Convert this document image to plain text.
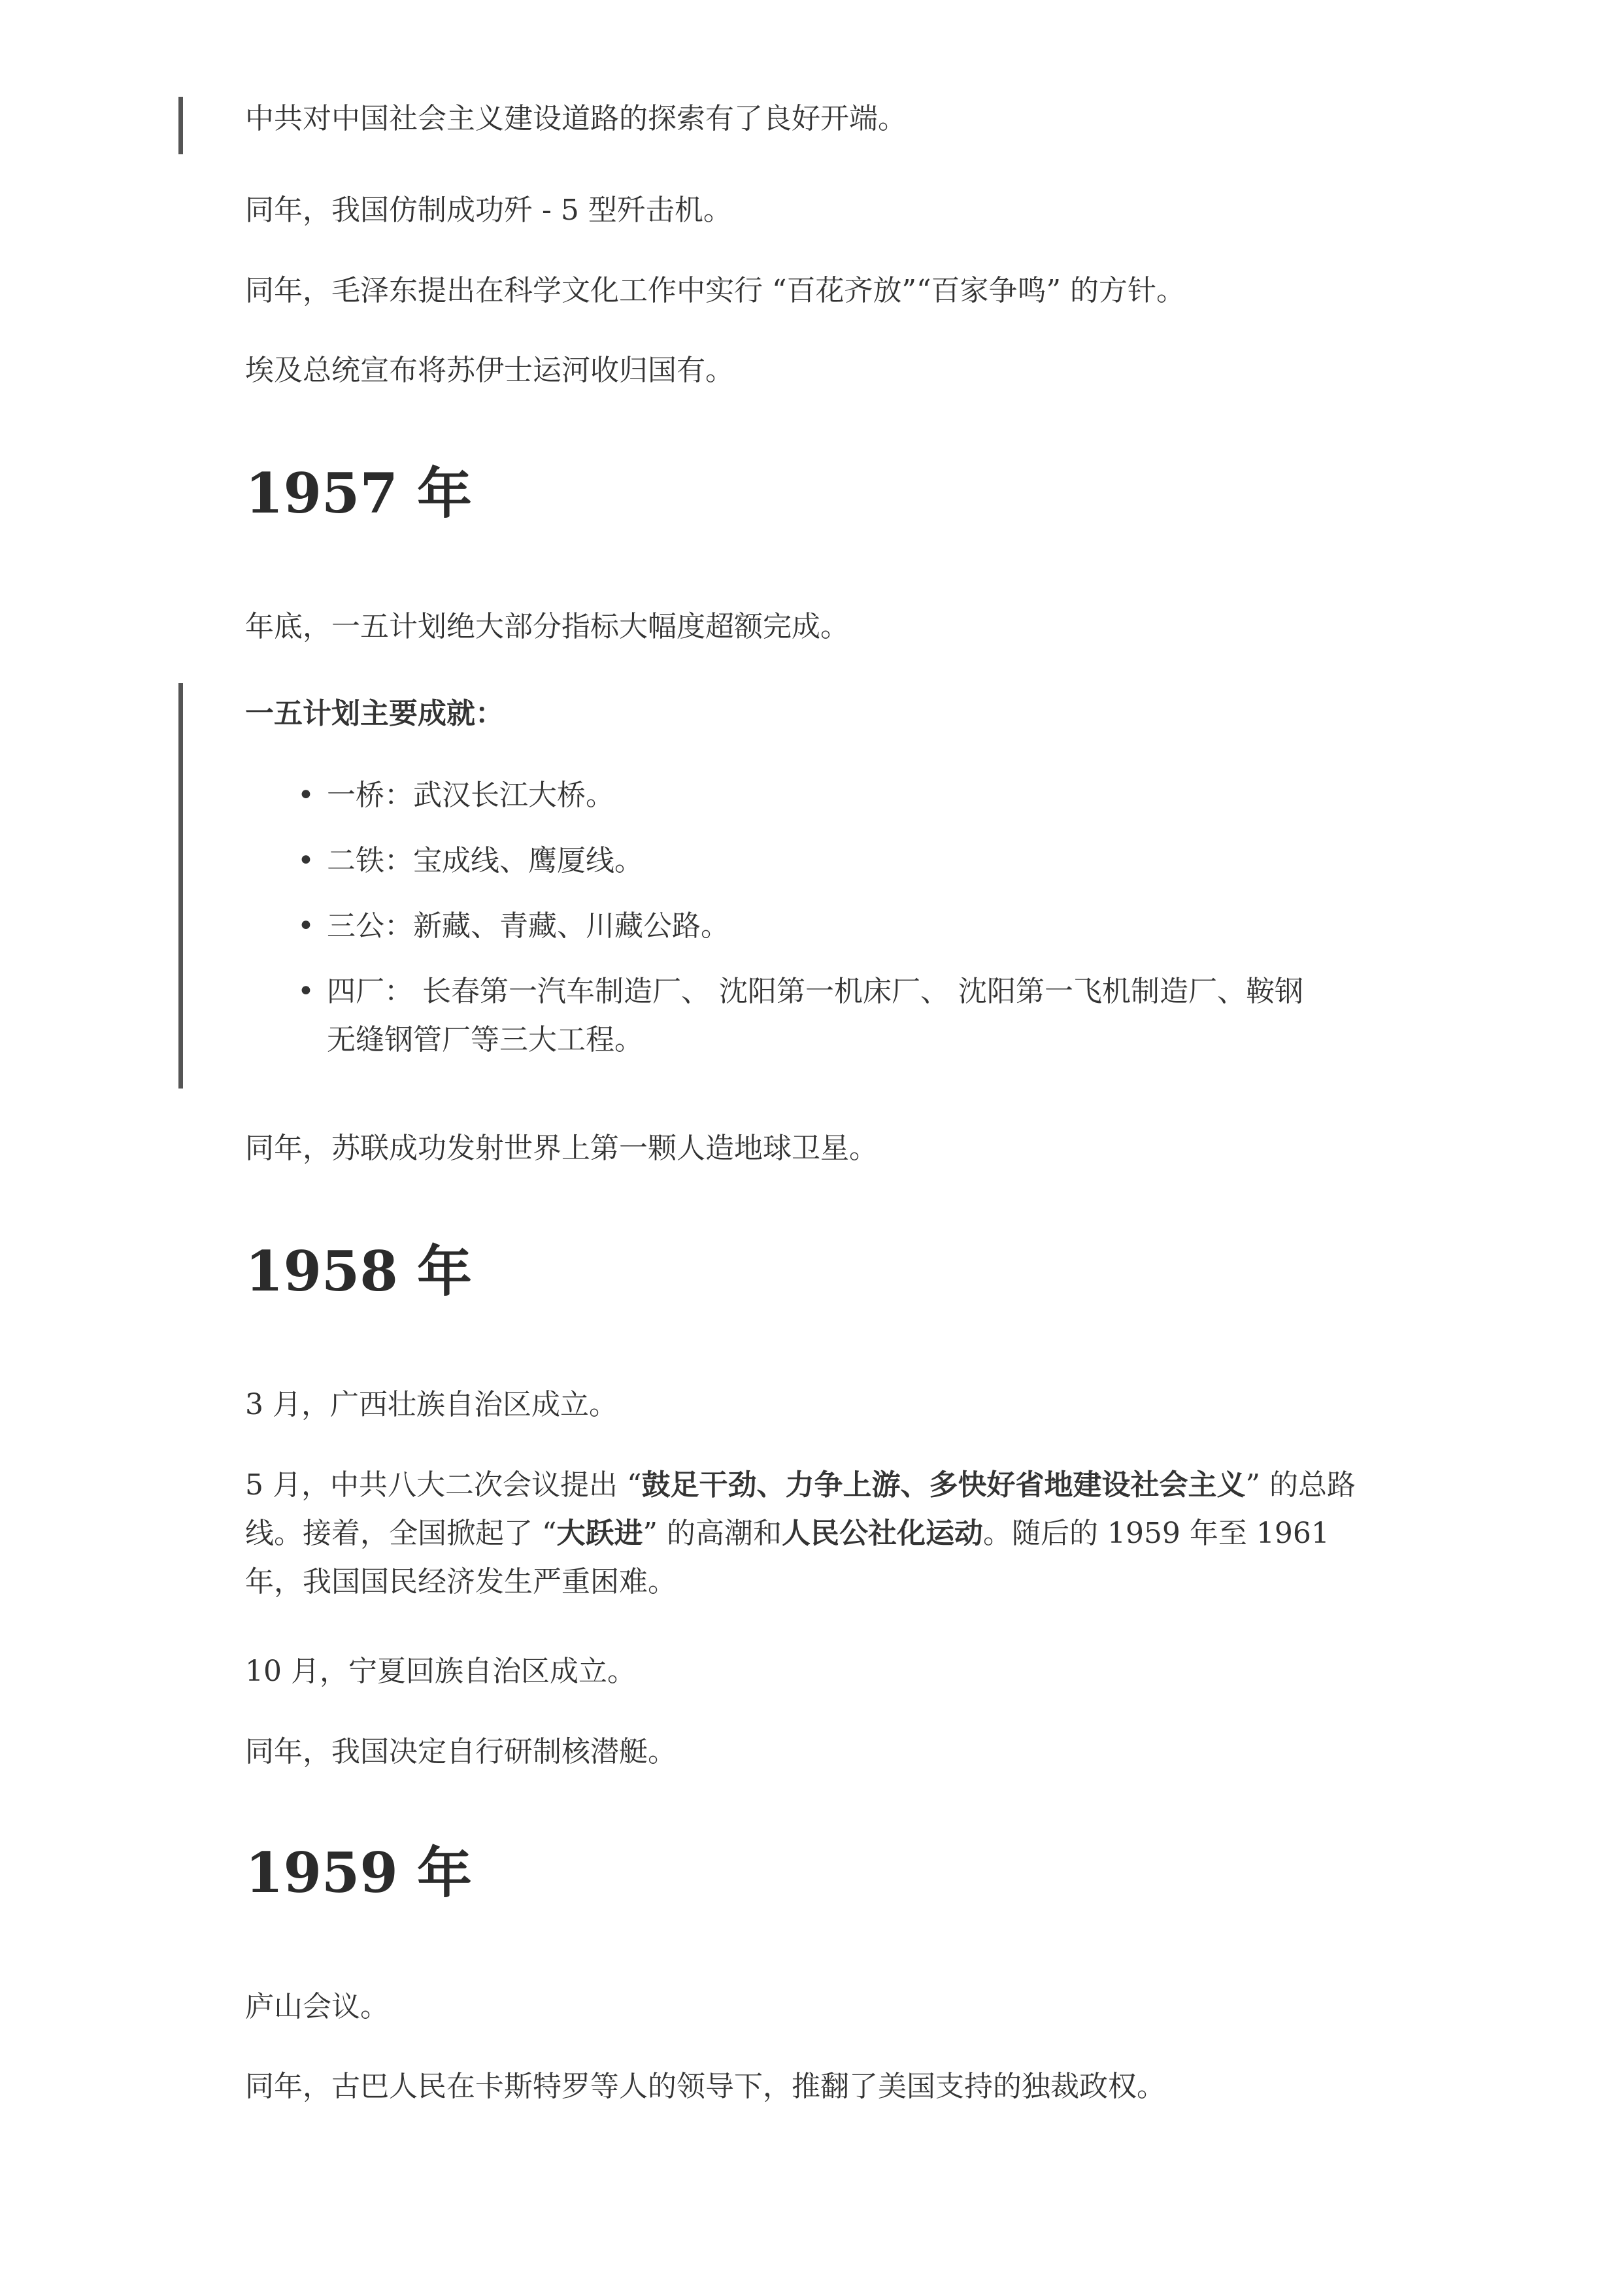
中共对中国社会主义建设道路的探索有了良好开端。

同年，我国仿制成功歼 - 5 型歼击机。

同年，毛泽东提出在科学文化工作中实行 “百花齐放”“百家争鸣” 的方针。

埃及总统宣布将苏伊士运河收归国有。

1957 年

年底，一五计划绝大部分指标大幅度超额完成。

一五计划主要成就：

• 一桥：武汉长江大桥。
• 二铁：宝成线、鹰厦线。
• 三公：新藏、青藏、川藏公路。
• 四厂： 长春第一汽车制造厂、 沈阳第一机床厂、 沈阳第一飞机制造厂、鞍钢无缝钢管厂等三大工程。

同年，苏联成功发射世界上第一颗人造地球卫星。

1958 年

3 月，广西壮族自治区成立。

5 月，中共八大二次会议提出 “鼓足干劲、力争上游、多快好省地建设社会主义” 的总路线。接着，全国掀起了 “大跃进” 的高潮和人民公社化运动。随后的 1959 年至 1961 年，我国国民经济发生严重困难。

10 月，宁夏回族自治区成立。

同年，我国决定自行研制核潜艇。

1959 年

庐山会议。

同年，古巴人民在卡斯特罗等人的领导下，推翻了美国支持的独裁政权。
